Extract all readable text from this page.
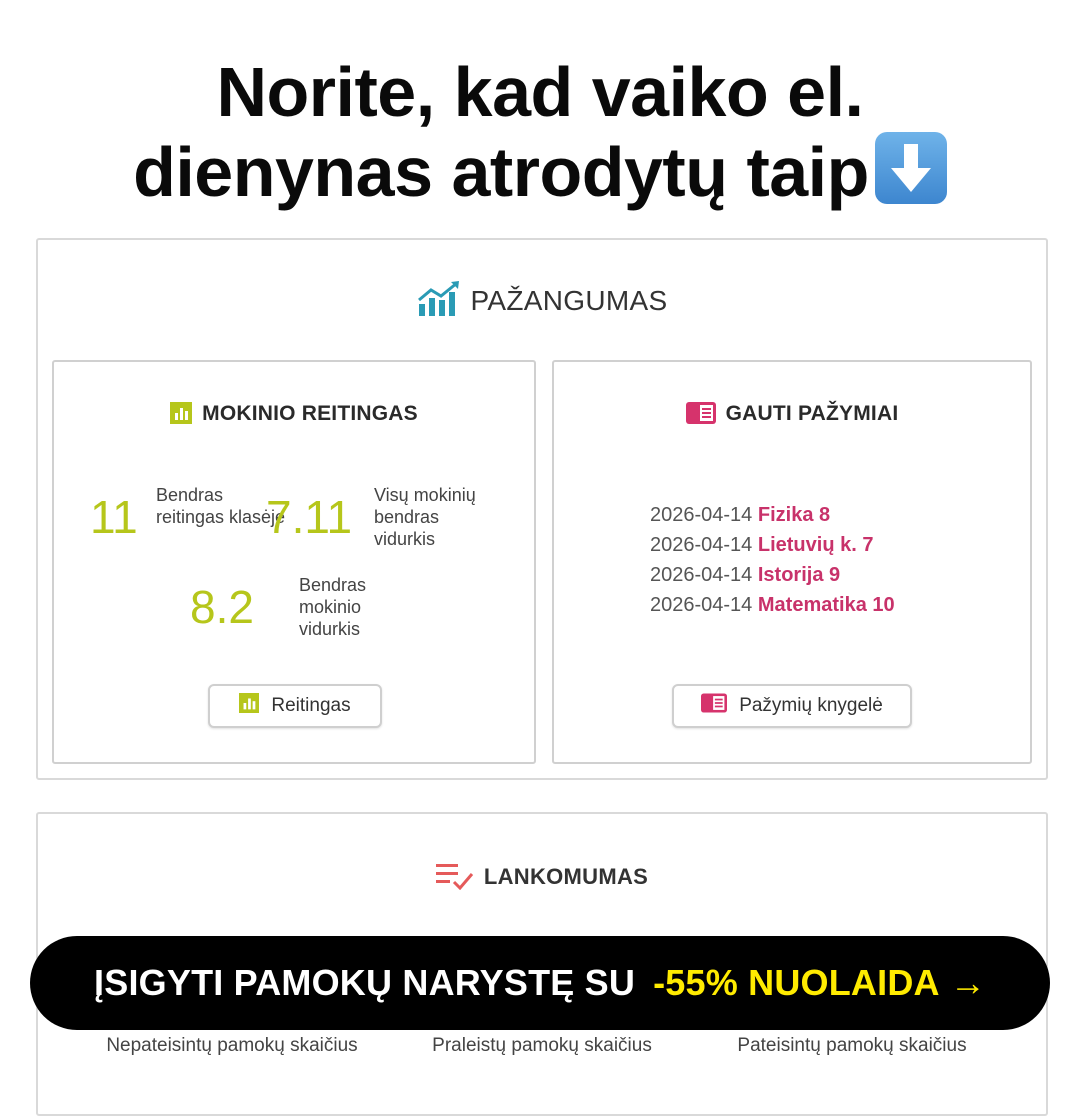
Norite, kad vaiko el.
dienynas atrodytų taip
PAŽANGUMAS
MOKINIO REITINGAS
11 Bendras reitingas klasėje
7.11 Visų mokinių bendras vidurkis
8.2	Bendras mokinio vidurkis
Reitingas
GAUTI PAŽYMIAI
2026-04-14 Fizika 8
2026-04-14 Lietuvių k. 7
2026-04-14 Istorija 9
2026-04-14 Matematika 10
Pažymių knygelė
LANKOMUMAS
Nepateisintų pamokų skaičius	Praleistų pamokų skaičius	Pateisintų pamokų skaičius
ĮSIGYTI PAMOKŲ NARYSTĘ SU -55% NUOLAIDA →
